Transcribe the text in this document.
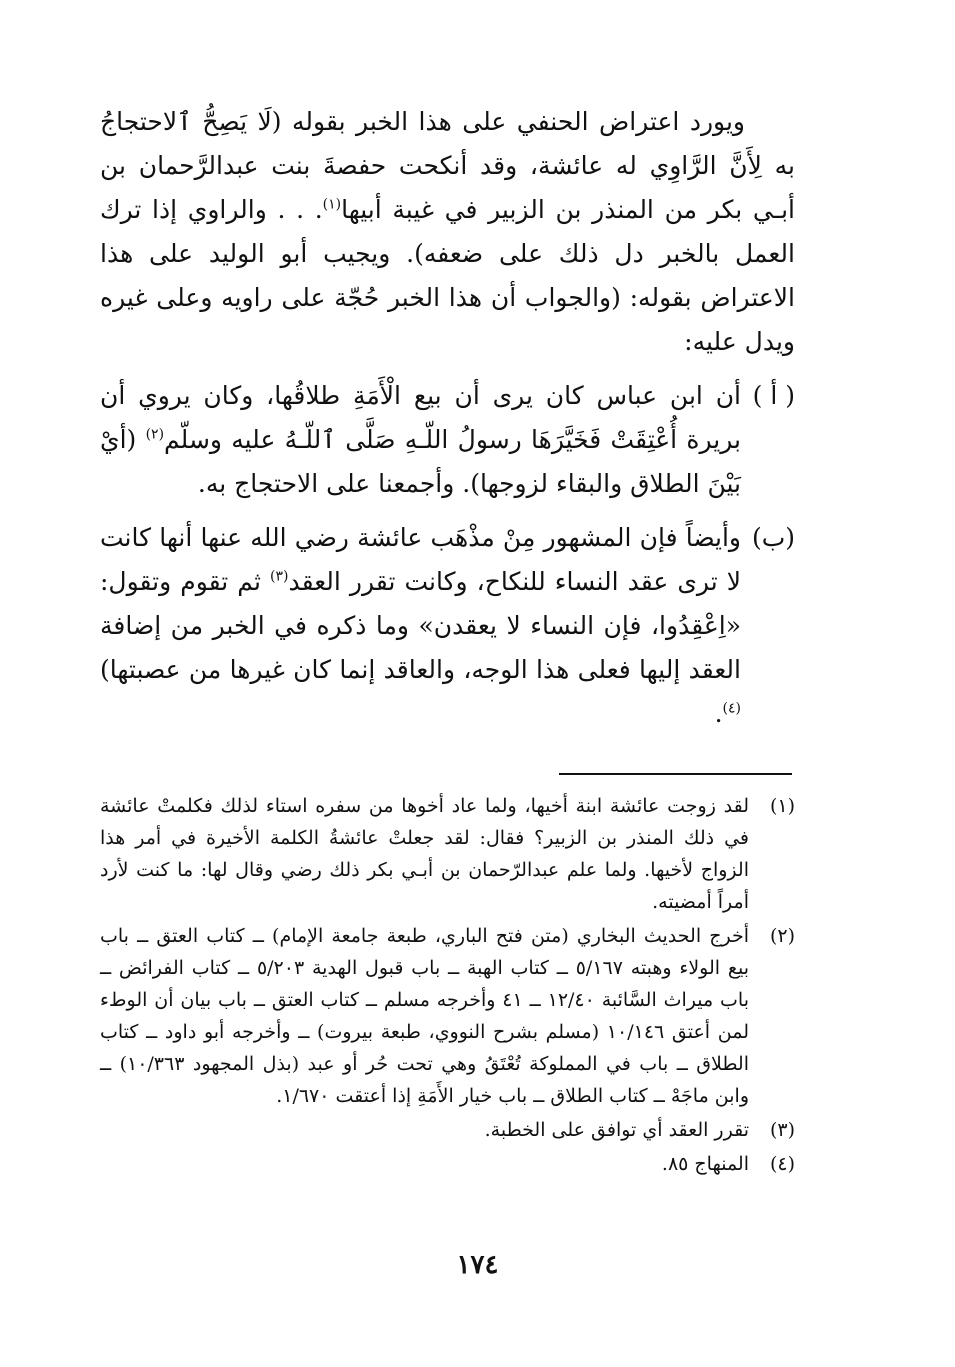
ويورد اعتراض الحنفي على هذا الخبر بقوله (لَا يَصِحُّ ٱلاحتجاجُ به لِأَنَّ الرَّاوِي له عائشة، وقد أنكحت حفصةَ بنت عبدالرَّحمان بن أبـي بكر من المنذر بن الزبير في غيبة أبيها$^{(١)}$. . . والراوي إذا ترك العمل بالخبر دل ذلك على ضعفه). ويجيب أبو الوليد على هذا الاعتراض بقوله: (والجواب أن هذا الخبر حُجّة على راويه وعلى غيره ويدل عليه:

( أ )
أن ابن عباس كان يرى أن بيع الْأَمَةِ طلاقُها، وكان يروي أن بريرة أُعْتِقَتْ فَخَيَّرَهَا رسولُ اللّـهِ صَلَّى ٱللّـهُ عليه وسلّم$^{(٢)}$ (أيْ بَيْنَ الطلاق والبقاء لزوجها). وأجمعنا على الاحتجاج به.
(ب)
وأيضاً فإن المشهور مِنْ مذْهَب عائشة رضي الله عنها أنها كانت لا ترى عقد النساء للنكاح، وكانت تقرر العقد$^{(٣)}$ ثم تقوم وتقول: «اِعْقِدُوا، فإن النساء لا يعقدن» وما ذكره في الخبر من إضافة العقد إليها فعلى هذا الوجه، والعاقد إنما كان غيرها من عصبتها)$^{(٤)}$.
(١)
لقد زوجت عائشة ابنة أخيها، ولما عاد أخوها من سفره استاء لذلك فكلمتْ عائشة في ذلك المنذر بن الزبير؟ فقال: لقد جعلتْ عائشةُ الكلمة الأخيرة في أمر هذا الزواج لأخيها. ولما علم عبدالرّحمان بن أبـي بكر ذلك رضي وقال لها: ما كنت لأرد أمراً أمضيته.
(٢)
أخرج الحديث البخاري (متن فتح الباري، طبعة جامعة الإمام) ــ كتاب العتق ــ باب بيع الولاء وهبته ٥/١٦٧ ــ كتاب الهبة ــ باب قبول الهدية ٥/٢٠٣ ــ كتاب الفرائض ــ باب ميراث السَّائبة ١٢/٤٠ ــ ٤١ وأخرجه مسلم ــ كتاب العتق ــ باب بيان أن الوطء لمن أعتق ١٠/١٤٦ (مسلم بشرح النووي، طبعة بيروت) ــ وأخرجه أبو داود ــ كتاب الطلاق ــ باب في المملوكة تُعْتَقُ وهي تحت حُر أو عبد (بذل المجهود ١٠/٣٦٣) ــ وابن ماجَهْ ــ كتاب الطلاق ــ باب خيار الأَمَةِ إذا أعتقت ١/٦٧٠.
(٣)
تقرر العقد أي توافق على الخطبة.
(٤)
المنهاج ٨٥.
١٧٤
